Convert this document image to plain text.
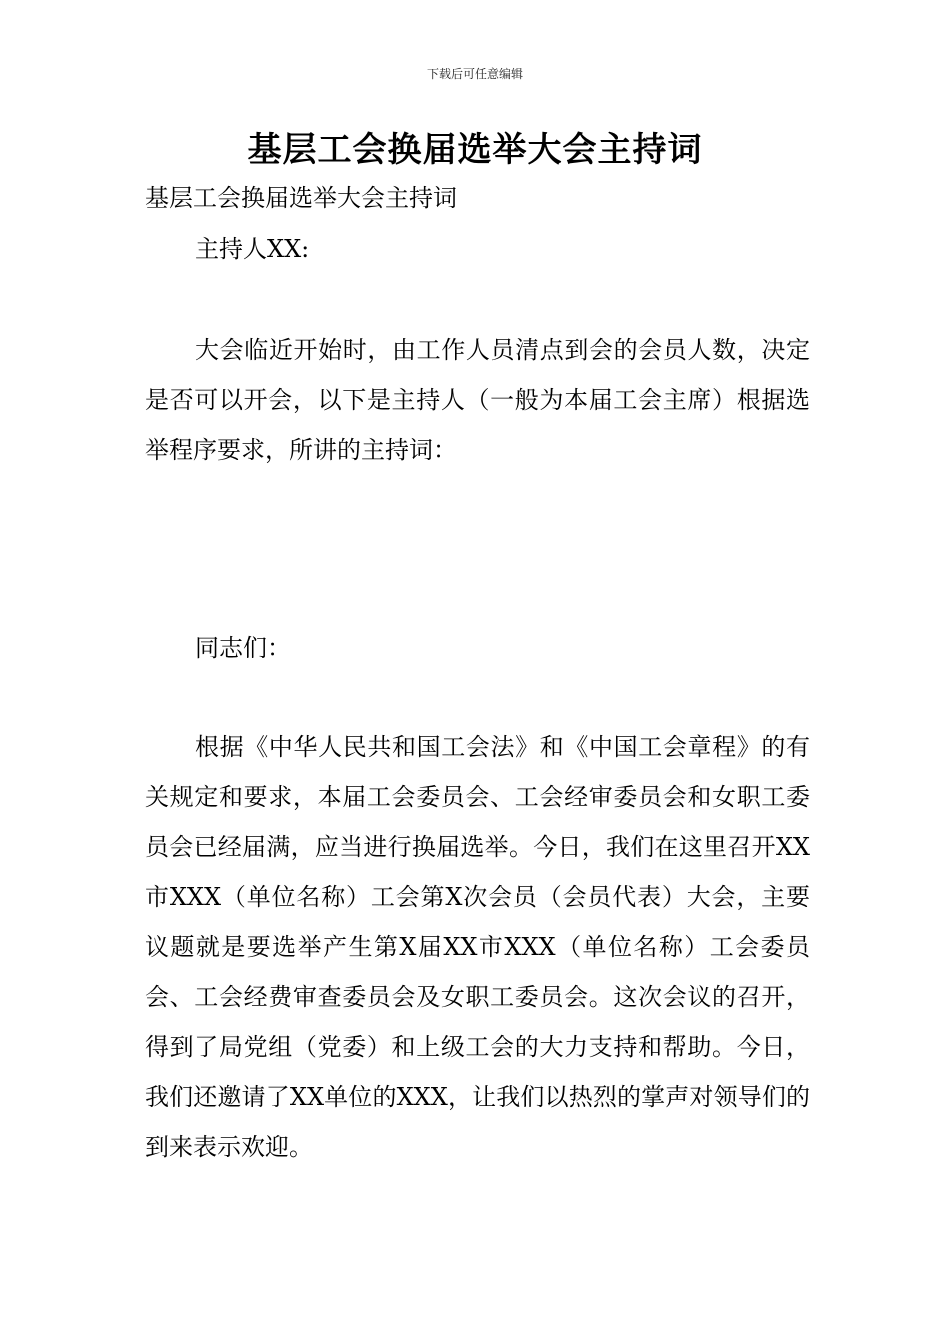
下载后可任意编辑
基层工会换届选举大会主持词

基层工会换届选举大会主持词

主持人XX:

大会临近开始时，由工作人员清点到会的会员人数，决定是否可以开会，以下是主持人（一般为本届工会主席）根据选举程序要求，所讲的主持词：

同志们：

根据《中华人民共和国工会法》和《中国工会章程》的有关规定和要求，本届工会委员会、工会经审委员会和女职工委员会已经届满，应当进行换届选举。今日，我们在这里召开XX市XXX（单位名称）工会第X次会员（会员代表）大会，主要议题就是要选举产生第X届XX市XXX（单位名称）工会委员会、工会经费审查委员会及女职工委员会。这次会议的召开，得到了局党组（党委）和上级工会的大力支持和帮助。今日，我们还邀请了XX单位的XXX，让我们以热烈的掌声对领导们的到来表示欢迎。
